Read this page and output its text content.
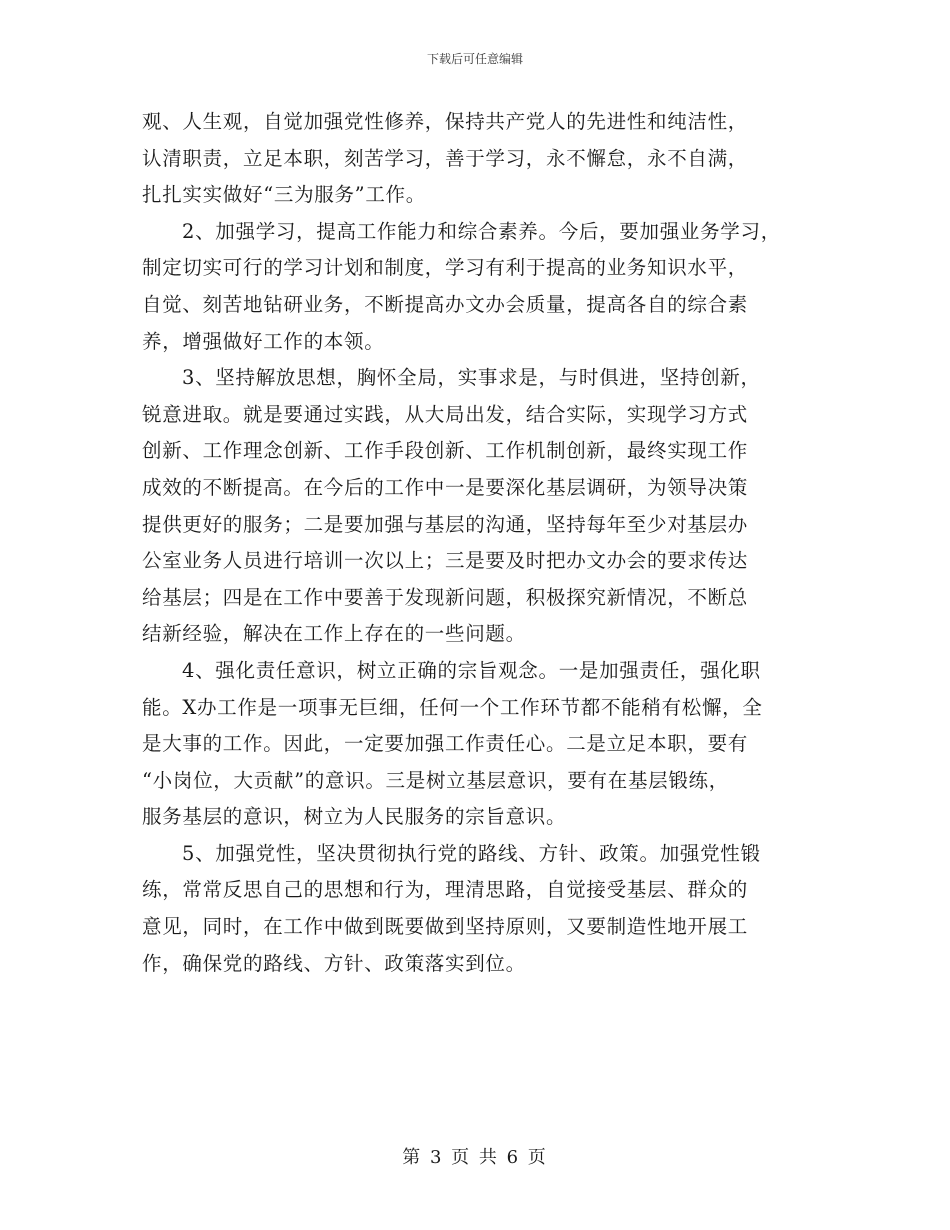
下载后可任意编辑
观、人生观，自觉加强党性修养，保持共产党人的先进性和纯洁性，
认清职责，立足本职，刻苦学习，善于学习，永不懈怠，永不自满，
扎扎实实做好“三为服务”工作。
2、加强学习，提高工作能力和综合素养。今后，要加强业务学习，
制定切实可行的学习计划和制度，学习有利于提高的业务知识水平，
自觉、刻苦地钻研业务，不断提高办文办会质量，提高各自的综合素
养，增强做好工作的本领。
3、坚持解放思想，胸怀全局，实事求是，与时俱进，坚持创新，
锐意进取。就是要通过实践，从大局出发，结合实际，实现学习方式
创新、工作理念创新、工作手段创新、工作机制创新，最终实现工作
成效的不断提高。在今后的工作中一是要深化基层调研，为领导决策
提供更好的服务；二是要加强与基层的沟通，坚持每年至少对基层办
公室业务人员进行培训一次以上；三是要及时把办文办会的要求传达
给基层；四是在工作中要善于发现新问题，积极探究新情况，不断总
结新经验，解决在工作上存在的一些问题。
4、强化责任意识，树立正确的宗旨观念。一是加强责任，强化职
能。X办工作是一项事无巨细，任何一个工作环节都不能稍有松懈，全
是大事的工作。因此，一定要加强工作责任心。二是立足本职，要有
“小岗位，大贡献”的意识。三是树立基层意识，要有在基层锻练，
服务基层的意识，树立为人民服务的宗旨意识。
5、加强党性，坚决贯彻执行党的路线、方针、政策。加强党性锻
练，常常反思自己的思想和行为，理清思路，自觉接受基层、群众的
意见，同时，在工作中做到既要做到坚持原则，又要制造性地开展工
作，确保党的路线、方针、政策落实到位。
第 3 页 共 6 页
